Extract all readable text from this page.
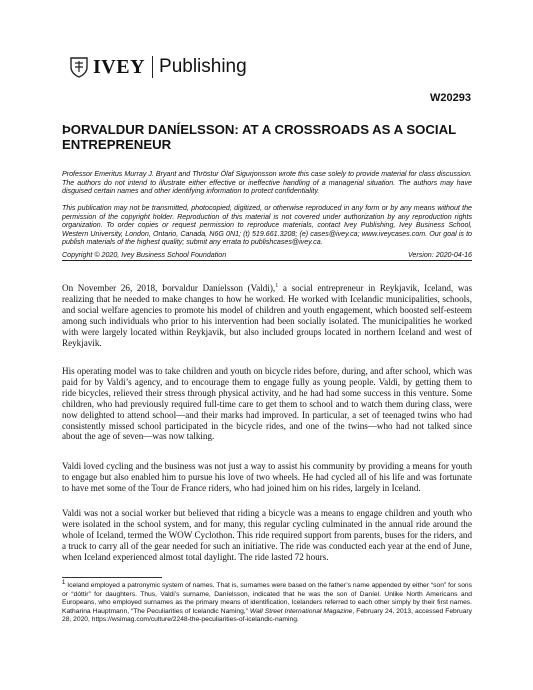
IVEY Publishing
W20293
ÞORVALDUR DANÍELSSON: AT A CROSSROADS AS A SOCIAL
ENTREPRENEUR

Professor Emeritus Murray J. Bryant and Thröstur Ólaf Sigurjonsson wrote this case solely to provide material for class discussion. The authors do not intend to illustrate either effective or ineffective handling of a managerial situation. The authors may have disguised certain names and other identifying information to protect confidentiality.

This publication may not be transmitted, photocopied, digitized, or otherwise reproduced in any form or by any means without the permission of the copyright holder. Reproduction of this material is not covered under authorization by any reproduction rights organization. To order copies or request permission to reproduce materials, contact Ivey Publishing, Ivey Business School, Western University, London, Ontario, Canada, N6G 0N1; (t) 519.661.3208; (e) cases@ivey.ca; www.iveycases.com. Our goal is to publish materials of the highest quality; submit any errata to publishcases@ivey.ca.

Copyright © 2020, Ivey Business School Foundation	Version: 2020-04-16

On November 26, 2018, Þorvaldur Daníelsson (Valdi),$^1$ a social entrepreneur in Reykjavik, Iceland, was realizing that he needed to make changes to how he worked. He worked with Icelandic municipalities, schools, and social welfare agencies to promote his model of children and youth engagement, which boosted self-esteem among such individuals who prior to his intervention had been socially isolated. The municipalities he worked with were largely located within Reykjavik, but also included groups located in northern Iceland and west of Reykjavik.

His operating model was to take children and youth on bicycle rides before, during, and after school, which was paid for by Valdi’s agency, and to encourage them to engage fully as young people. Valdi, by getting them to ride bicycles, relieved their stress through physical activity, and he had had some success in this venture. Some children, who had previously required full-time care to get them to school and to watch them during class, were now delighted to attend school—and their marks had improved. In particular, a set of teenaged twins who had consistently missed school participated in the bicycle rides, and one of the twins—who had not talked since about the age of seven—was now talking.

Valdi loved cycling and the business was not just a way to assist his community by providing a means for youth to engage but also enabled him to pursue his love of two wheels. He had cycled all of his life and was fortunate to have met some of the Tour de France riders, who had joined him on his rides, largely in Iceland.

Valdi was not a social worker but believed that riding a bicycle was a means to engage children and youth who were isolated in the school system, and for many, this regular cycling culminated in the annual ride around the whole of Iceland, termed the WOW Cyclothon. This ride required support from parents, buses for the riders, and a truck to carry all of the gear needed for such an initiative. The ride was conducted each year at the end of June, when Iceland experienced almost total daylight. The ride lasted 72 hours.

$^1$ Iceland employed a patronymic system of names. That is, surnames were based on the father’s name appended by either “son” for sons or “dóttir” for daughters. Thus, Valdi’s surname, Daníelsson, indicated that he was the son of Daníel. Unlike North Americans and Europeans, who employed surnames as the primary means of identification, Icelanders referred to each other simply by their first names. Katharina Hauptmann, “The Peculiarities of Icelandic Naming,” Wall Street International Magazine, February 24, 2013, accessed February 28, 2020, https://wsimag.com/culture/2248-the-peculiarities-of-icelandic-naming.
